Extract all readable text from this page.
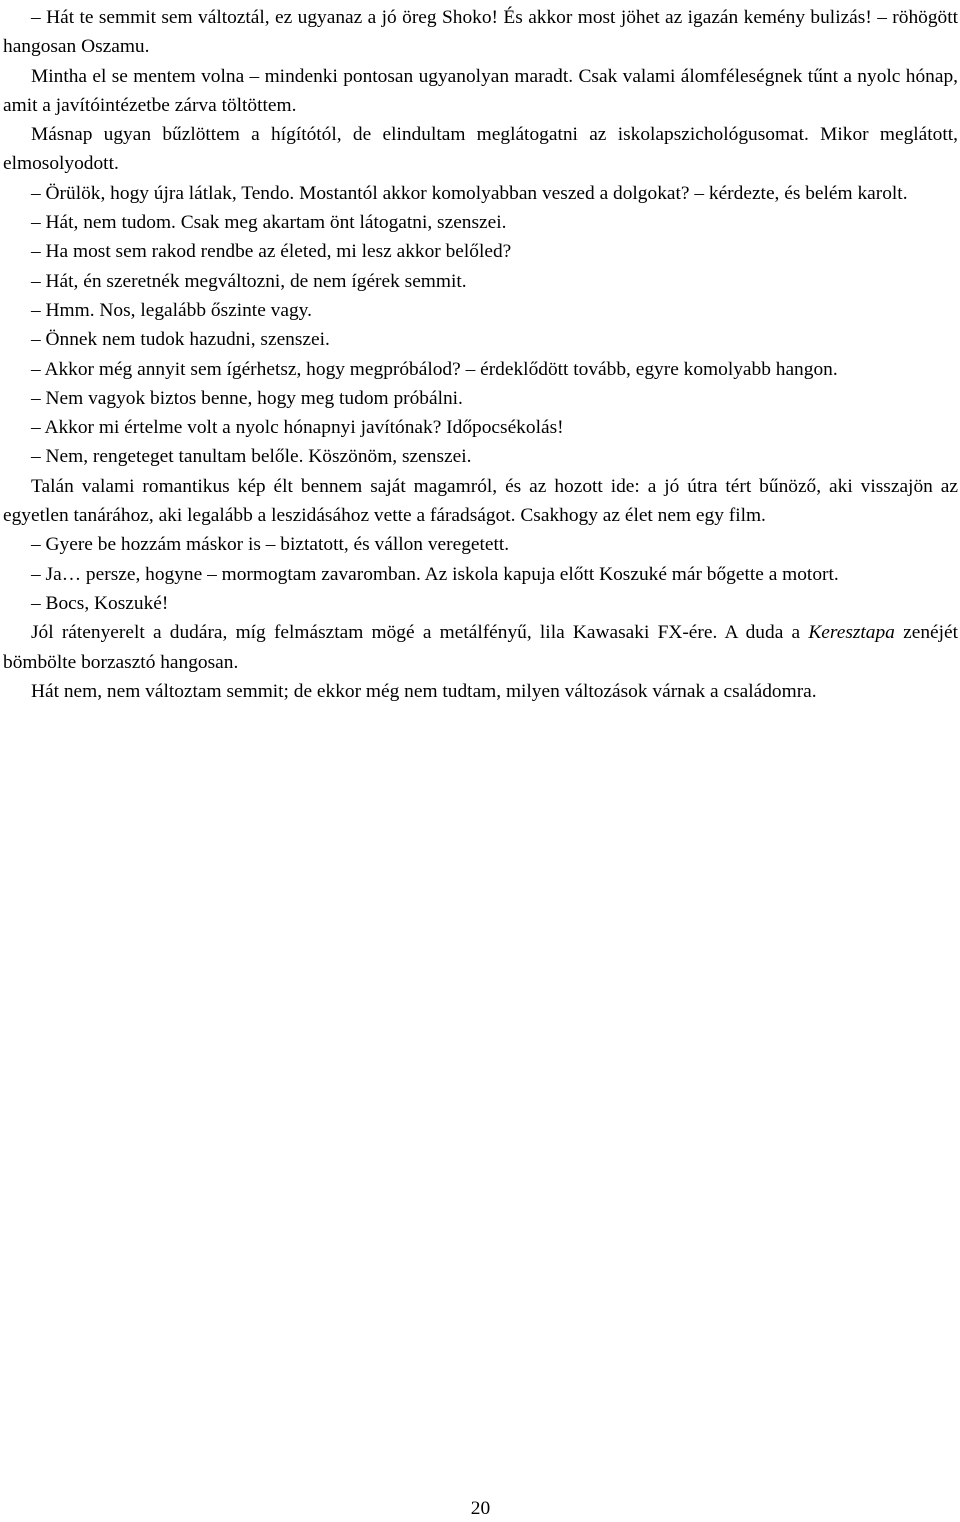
– Hát te semmit sem változtál, ez ugyanaz a jó öreg Shoko! És akkor most jöhet az igazán kemény bulizás! – röhögött hangosan Oszamu.

Mintha el se mentem volna – mindenki pontosan ugyanolyan maradt. Csak valami álomféleségnek tűnt a nyolc hónap, amit a javítóintézetbe zárva töltöttem.

Másnap ugyan bűzlöttem a hígítótól, de elindultam meglátogatni az iskolapszichológusomat. Mikor meglátott, elmosolyodott.

– Örülök, hogy újra látlak, Tendo. Mostantól akkor komolyabban veszed a dolgokat? – kérdezte, és belém karolt.

– Hát, nem tudom. Csak meg akartam önt látogatni, szenszei.

– Ha most sem rakod rendbe az életed, mi lesz akkor belőled?

– Hát, én szeretnék megváltozni, de nem ígérek semmit.

– Hmm. Nos, legalább őszinte vagy.

– Önnek nem tudok hazudni, szenszei.

– Akkor még annyit sem ígérhetsz, hogy megpróbálod? – érdeklődött tovább, egyre komolyabb hangon.

– Nem vagyok biztos benne, hogy meg tudom próbálni.

– Akkor mi értelme volt a nyolc hónapnyi javítónak? Időpocsékolás!

– Nem, rengeteget tanultam belőle. Köszönöm, szenszei.

Talán valami romantikus kép élt bennem saját magamról, és az hozott ide: a jó útra tért bűnöző, aki visszajön az egyetlen tanárához, aki legalább a leszidásához vette a fáradságot. Csakhogy az élet nem egy film.

– Gyere be hozzám máskor is – biztatott, és vállon veregetett.

– Ja… persze, hogyne – mormogtam zavaromban. Az iskola kapuja előtt Koszuké már bőgette a motort.

– Bocs, Koszuké!

Jól rátenyerelt a dudára, míg felmásztam mögé a metálfényű, lila Kawasaki FX-ére. A duda a Keresztapa zenéjét bömbölte borzasztó hangosan.

Hát nem, nem változtam semmit; de ekkor még nem tudtam, milyen változások várnak a családomra.

20
